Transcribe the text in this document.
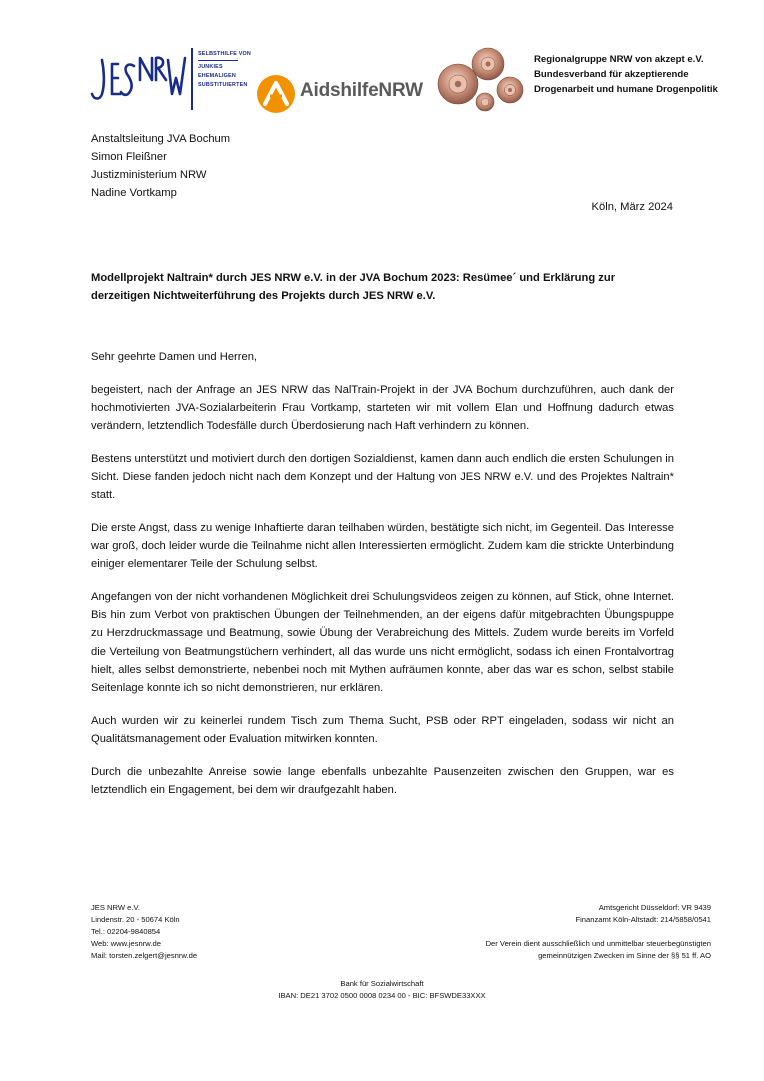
SELBSTHILFE VON
JUNKIES
EHEMALIGEN
SUBSTITUIERTEN	AidshilfeNRW
Regionalgruppe NRW von akzept e.V.
Bundesverband für akzeptierende
Drogenarbeit und humane Drogenpolitik
Anstaltsleitung JVA Bochum
Simon Fleißner
Justizministerium NRW
Nadine Vortkamp
Köln, März 2024
Modellprojekt Naltrain* durch JES NRW e.V. in der JVA Bochum 2023: Resümee´ und Erklärung zur derzeitigen Nichtweiterführung des Projekts durch JES NRW e.V.

Sehr geehrte Damen und Herren,

begeistert, nach der Anfrage an JES NRW das NalTrain-Projekt in der JVA Bochum durchzuführen, auch dank der hochmotivierten JVA-Sozialarbeiterin Frau Vortkamp, starteten wir mit vollem Elan und Hoffnung dadurch etwas verändern, letztendlich Todesfälle durch Überdosierung nach Haft verhindern zu können.

Bestens unterstützt und motiviert durch den dortigen Sozialdienst, kamen dann auch endlich die ersten Schulungen in Sicht. Diese fanden jedoch nicht nach dem Konzept und der Haltung von JES NRW e.V. und des Projektes Naltrain* statt.

Die erste Angst, dass zu wenige Inhaftierte daran teilhaben würden, bestätigte sich nicht, im Gegenteil. Das Interesse war groß, doch leider wurde die Teilnahme nicht allen Interessierten ermöglicht. Zudem kam die strickte Unterbindung einiger elementarer Teile der Schulung selbst.

Angefangen von der nicht vorhandenen Möglichkeit drei Schulungsvideos zeigen zu können, auf Stick, ohne Internet. Bis hin zum Verbot von praktischen Übungen der Teilnehmenden, an der eigens dafür mitgebrachten Übungspuppe zu Herzdruckmassage und Beatmung, sowie Übung der Verabreichung des Mittels. Zudem wurde bereits im Vorfeld die Verteilung von Beatmungstüchern verhindert, all das wurde uns nicht ermöglicht, sodass ich einen Frontalvortrag hielt, alles selbst demonstrierte, nebenbei noch mit Mythen aufräumen konnte, aber das war es schon, selbst stabile Seitenlage konnte ich so nicht demonstrieren, nur erklären.

Auch wurden wir zu keinerlei rundem Tisch zum Thema Sucht, PSB oder RPT eingeladen, sodass wir nicht an Qualitätsmanagement oder Evaluation mitwirken konnten.

Durch die unbezahlte Anreise sowie lange ebenfalls unbezahlte Pausenzeiten zwischen den Gruppen, war es letztendlich ein Engagement, bei dem wir draufgezahlt haben.

JES NRW e.V.
Lindenstr. 20 - 50674 Köln
Tel.: 02204-9840854
Web: www.jesnrw.de
Mail: torsten.zelgert@jesnrw.de
Amtsgericht Düsseldorf: VR 9439
Finanzamt Köln-Altstadt: 214/5858/0541
Der Verein dient ausschließlich und unmittelbar steuerbegünstigten
gemeinnützigen Zwecken im Sinne der §§ 51 ff. AO
Bank für Sozialwirtschaft
IBAN: DE21 3702 0500 0008 0234 00 - BIC: BFSWDE33XXX
